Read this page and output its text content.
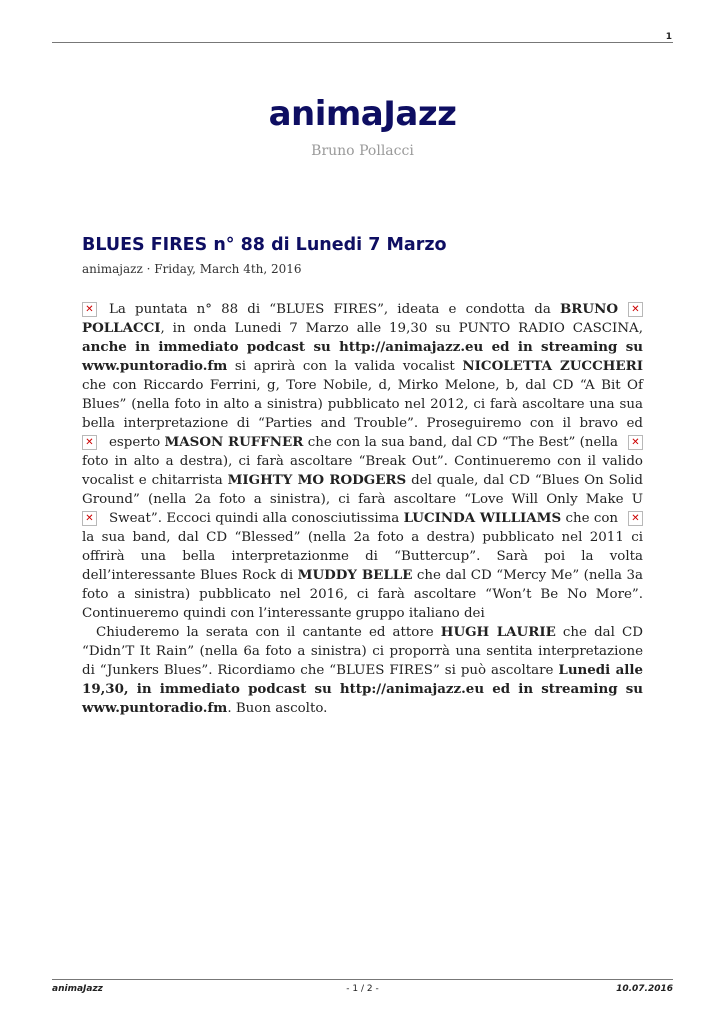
1
animaJazz
Bruno Pollacci
BLUES FIRES n° 88 di Lunedi 7 Marzo
animajazz · Friday, March 4th, 2016
✕
✕

La puntata n° 88 di “BLUES FIRES”, ideata e condotta da BRUNO POLLACCI, in onda Lunedi 7 Marzo alle 19,30 su PUNTO RADIO CASCINA, anche in immediato podcast su http://animajazz.eu ed in streaming su www.puntoradio.fm si aprirà con la valida vocalist NICOLETTA ZUCCHERI che con Riccardo Ferrini, g, Tore Nobile, d, Mirko Melone, b, dal CD “A Bit Of Blues” (nella foto in alto a sinistra) pubblicato nel 2012, ci farà ascoltare una sua bella interpretazione di “Parties and Trouble”. Proseguiremo con il bravo ed esperto MASON RUFFNER
✕
✕
che con la sua band, dal CD “The Best” (nella foto in alto a destra), ci farà ascoltare “Break Out”. Continueremo con il valido vocalist e chitarrista MIGHTY MO RODGERS del quale, dal CD “Blues On Solid Ground” (nella 2a foto a sinistra), ci farà ascoltare “Love Will Only Make U Sweat”. Eccoci quindi alla conosciutissima LUCINDA WILLIAMS
✕
✕
che con la sua band, dal CD “Blessed” (nella 2a foto a destra) pubblicato nel 2011 ci offrirà una bella interpretazionme di “Buttercup”. Sarà poi la volta dell’interessante Blues Rock di MUDDY BELLE che dal CD “Mercy Me” (nella 3a foto a sinistra) pubblicato nel 2016, ci farà ascoltare “Won’t Be No More”. Continueremo quindi con l’interessante gruppo italiano dei

Chiuderemo la serata con il cantante ed attore HUGH LAURIE che dal CD “Didn’T It Rain” (nella 6a foto a sinistra) ci proporrà una sentita interpretazione di “Junkers Blues”. Ricordiamo che “BLUES FIRES” si può ascoltare Lunedi alle 19,30, in immediato podcast su http://animajazz.eu ed in streaming su www.puntoradio.fm. Buon ascolto.

animaJazz	- 1 / 2 -	10.07.2016
